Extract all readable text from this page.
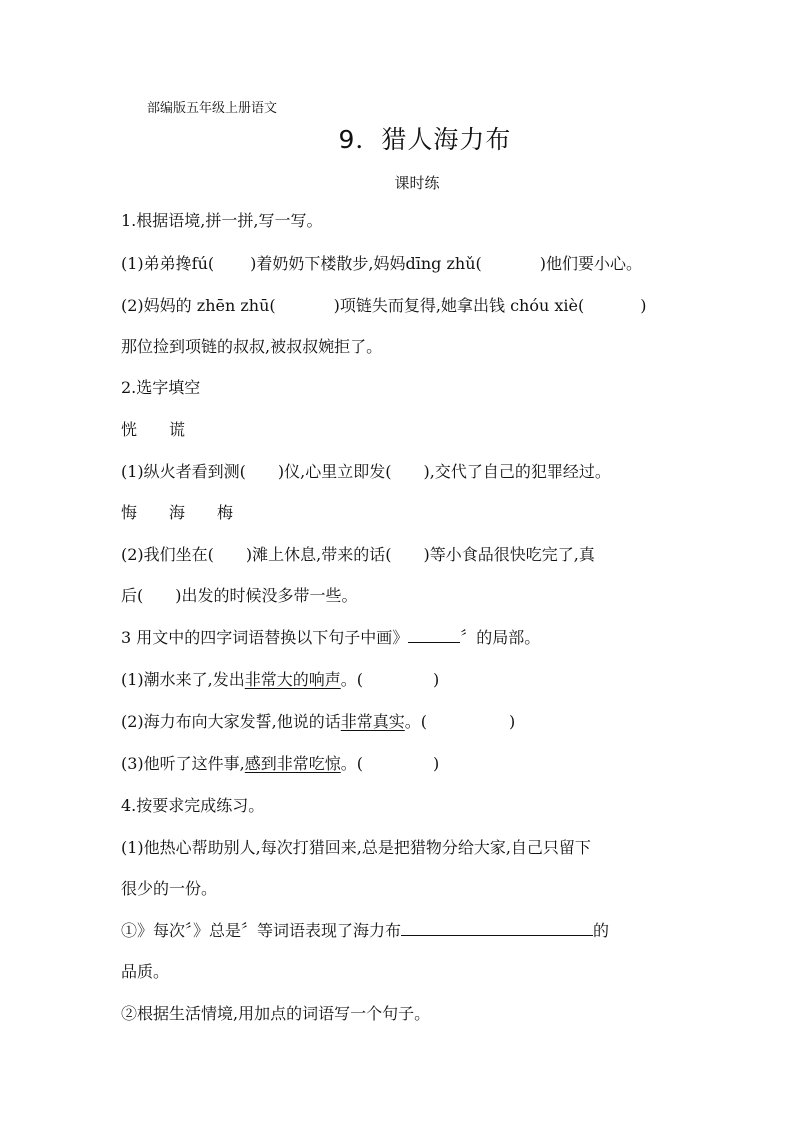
部编版五年级上册语文
9．猎人海力布
课时练
1.根据语境,拼一拼,写一写。
(1)弟弟搀fú( )着奶奶下楼散步,妈妈dīng zhǔ(	)他们要小心。
(2)妈妈的 zhēn zhū(	)项链失而复得,她拿出钱 chóu xiè(	)
那位捡到项链的叔叔,被叔叔婉拒了。
2.选字填空
恍 谎
(1)纵火者看到测( )仪,心里立即发( ),交代了自己的犯罪经过。
悔 海 梅
(2)我们坐在( )滩上休息,带来的话( )等小食品很快吃完了,真
后( )出发的时候没多带一些。
3 用文中的四字词语替换以下句子中画》	〞的局部。
(1)潮水来了,发出非常大的响声。(	)
(2)海力布向大家发誓,他说的话非常真实。(	)
(3)他听了这件事,感到非常吃惊。(	)
4.按要求完成练习。
(1)他热心帮助别人,每次打猎回来,总是把猎物分给大家,自己只留下
很少的一份。
①》每次〞》总是〞等词语表现了海力布	的
品质。
②根据生活情境,用加点的词语写一个句子。
